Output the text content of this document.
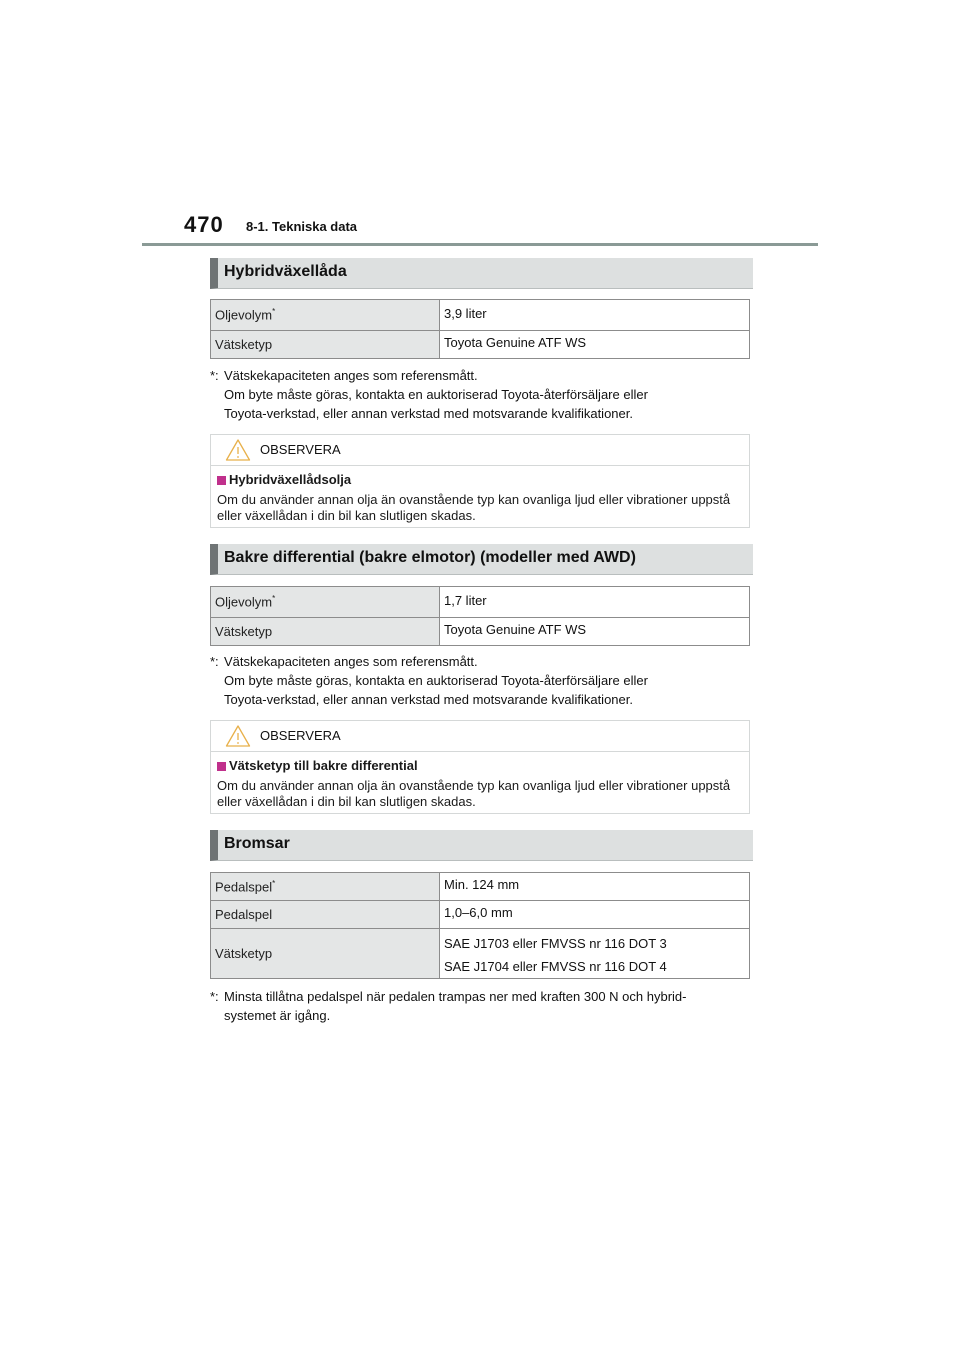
470 8-1. Tekniska data
Hybridväxellåda
Oljevolym*	3,9 liter
Vätsketyp	Toyota Genuine ATF WS
*: Vätskekapaciteten anges som referensmått.
Om byte måste göras, kontakta en auktoriserad Toyota-återförsäljare eller
Toyota-verkstad, eller annan verkstad med motsvarande kvalifikationer.
OBSERVERA
Hybridväxellådsolja
Om du använder annan olja än ovanstående typ kan ovanliga ljud eller vibrationer uppstå eller växellådan i din bil kan slutligen skadas.
Bakre differential (bakre elmotor) (modeller med AWD)
Oljevolym*	1,7 liter
Vätsketyp	Toyota Genuine ATF WS
*: Vätskekapaciteten anges som referensmått.
Om byte måste göras, kontakta en auktoriserad Toyota-återförsäljare eller
Toyota-verkstad, eller annan verkstad med motsvarande kvalifikationer.
OBSERVERA
Vätsketyp till bakre differential
Om du använder annan olja än ovanstående typ kan ovanliga ljud eller vibrationer uppstå eller växellådan i din bil kan slutligen skadas.
Bromsar
Pedalspel*	Min. 124 mm
Pedalspel	1,0–6,0 mm
Vätsketyp	SAE J1703 eller FMVSS nr 116 DOT 3
SAE J1704 eller FMVSS nr 116 DOT 4
*: Minsta tillåtna pedalspel när pedalen trampas ner med kraften 300 N och hybrid-
systemet är igång.
